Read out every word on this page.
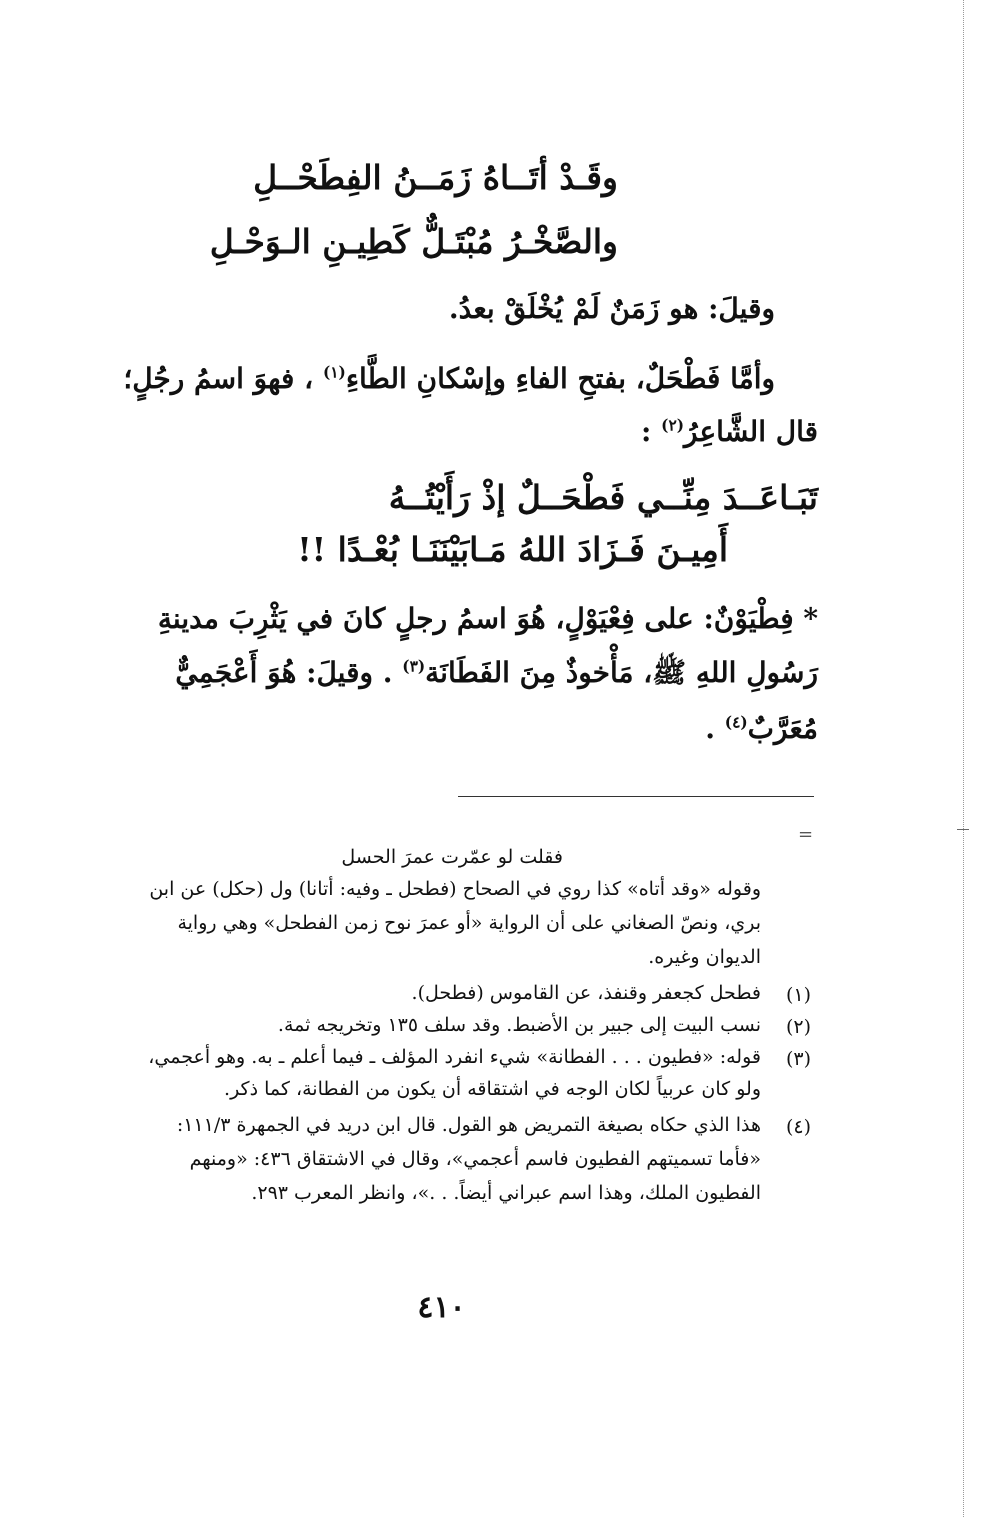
وقَـدْ أتَــاهُ زَمَــنُ الفِطَحْــلِ
والصَّخْـرُ مُبْتَـلٌّ كَطِيـنِ الـوَحْـلِ
وقيلَ: هو زَمَنٌ لَمْ يُخْلَقْ بعدُ.
وأمَّا فَطْحَلٌ، بفتحِ الفاءِ وإسْكانِ الطَّاءِ$^{(١)}$ ، فهوَ اسمُ رجُلٍ؛
قال الشَّاعِرُ$^{(٢)}$ :
تَبَـاعَــدَ مِنِّــي فَطْحَــلٌ إذْ رَأَيْتُــهُ
أَمِيـنَ فَـزَادَ اللهُ مَـابَيْنَنَـا بُعْـدًا !!
* فِطْيَوْنٌ: على فِعْيَوْلٍ، هُوَ اسمُ رجلٍ كانَ في يَثْرِبَ مدينةِ
رَسُولِ اللهِ ﷺ، مَأْخوذٌ مِنَ الفَطَانَة$^{(٣)}$ . وقيلَ: هُوَ أَعْجَمِيٌّ
مُعَرَّبٌ$^{(٤)}$ .
=
فقلت لو عمّرت عمرَ الحسل
وقوله «وقد أتاه» كذا روي في الصحاح (فطحل ـ وفيه: أتانا) ول (حكل) عن ابن
بري، ونصّ الصغاني على أن الرواية «أو عمرَ نوح زمن الفطحل» وهي رواية
الديوان وغيره.
(١)
فطحل كجعفر وقنفذ، عن القاموس (فطحل).
(٢)
نسب البيت إلى جبير بن الأضبط. وقد سلف ١٣٥ وتخريجه ثمة.
(٣)
قوله: «فطيون . . . الفطانة» شيء انفرد المؤلف ـ فيما أعلم ـ به. وهو أعجمي،
ولو كان عربياً لكان الوجه في اشتقاقه أن يكون من الفطانة، كما ذكر.
(٤)
هذا الذي حكاه بصيغة التمريض هو القول. قال ابن دريد في الجمهرة ١١١/٣:
«فأما تسميتهم الفطيون فاسم أعجمي»، وقال في الاشتقاق ٤٣٦: «ومنهم
الفطيون الملك، وهذا اسم عبراني أيضاً. . .»، وانظر المعرب ٢٩٣.
٤١٠
